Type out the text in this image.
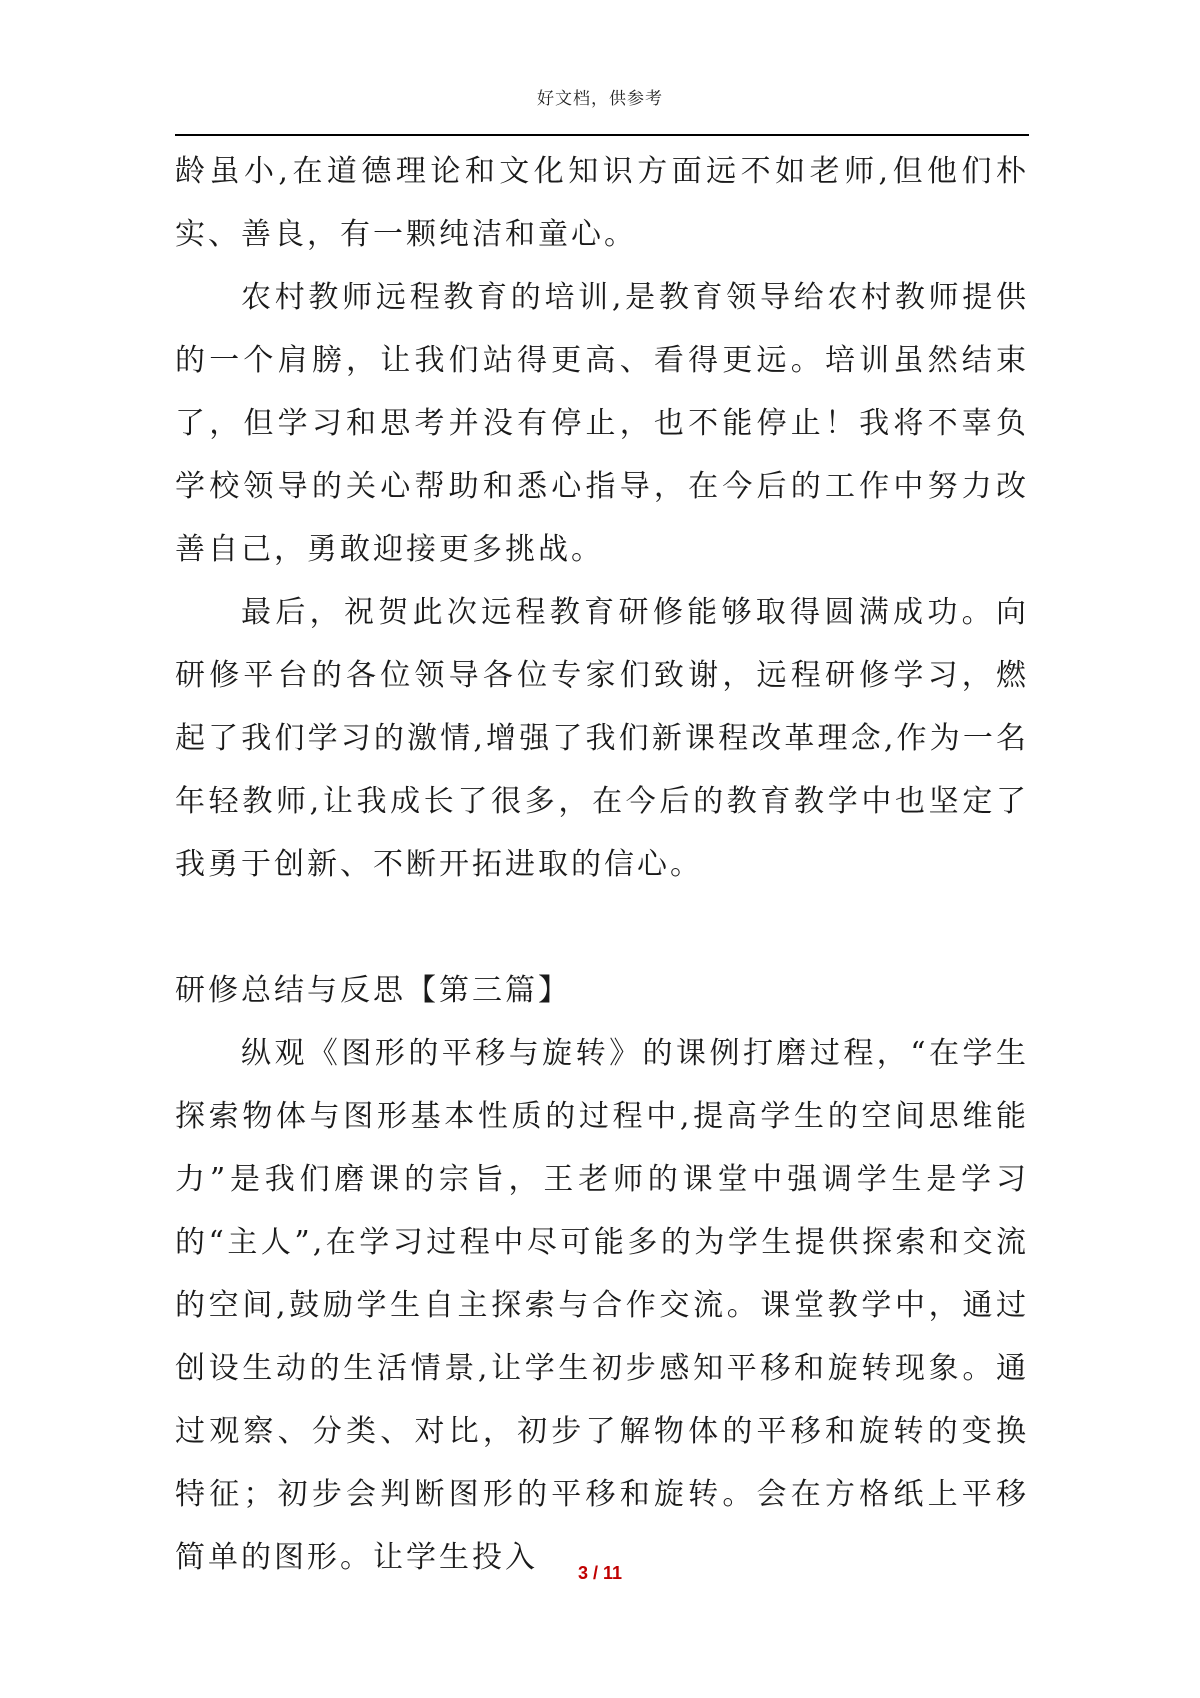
好文档，供参考

龄虽小,在道德理论和文化知识方面远不如老师,但他们朴实、善良，有一颗纯洁和童心。

农村教师远程教育的培训,是教育领导给农村教师提供的一个肩膀，让我们站得更高、看得更远。培训虽然结束了，但学习和思考并没有停止，也不能停止！我将不辜负学校领导的关心帮助和悉心指导，在今后的工作中努力改善自己，勇敢迎接更多挑战。

最后，祝贺此次远程教育研修能够取得圆满成功。向研修平台的各位领导各位专家们致谢，远程研修学习，燃起了我们学习的激情,增强了我们新课程改革理念,作为一名年轻教师,让我成长了很多，在今后的教育教学中也坚定了我勇于创新、不断开拓进取的信心。

研修总结与反思【第三篇】

纵观《图形的平移与旋转》的课例打磨过程，“在学生探索物体与图形基本性质的过程中,提高学生的空间思维能力”是我们磨课的宗旨，王老师的课堂中强调学生是学习的“主人”,在学习过程中尽可能多的为学生提供探索和交流的空间,鼓励学生自主探索与合作交流。课堂教学中，通过创设生动的生活情景,让学生初步感知平移和旋转现象。通过观察、分类、对比，初步了解物体的平移和旋转的变换特征；初步会判断图形的平移和旋转。会在方格纸上平移简单的图形。让学生投入	3 / 11
